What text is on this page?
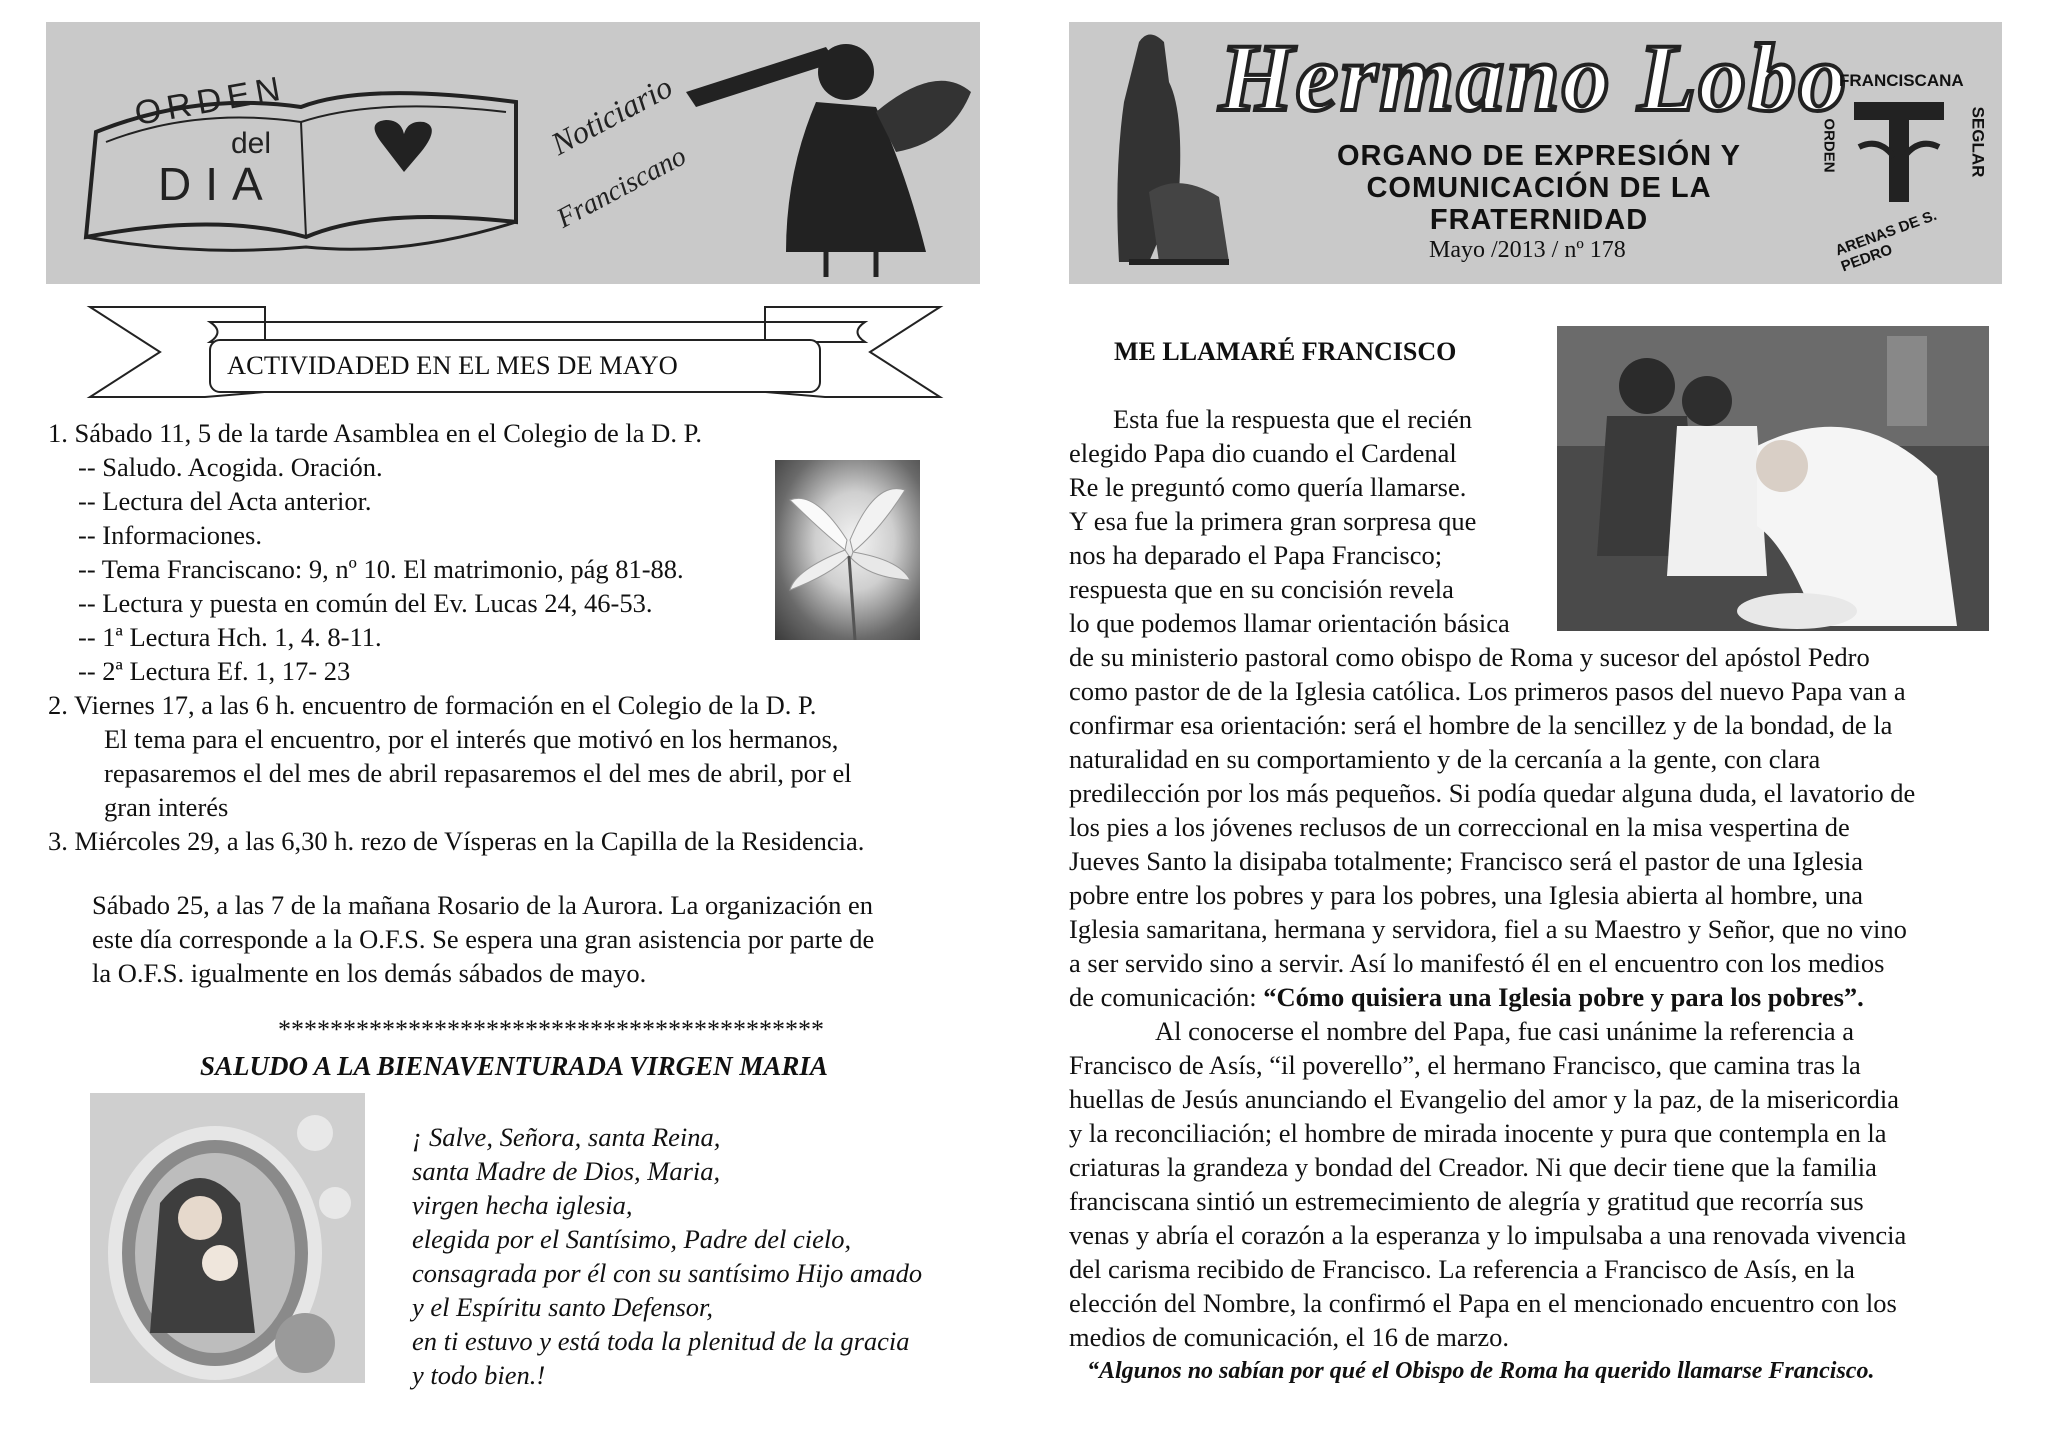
ORDEN
del
DIA
Noticiario
Franciscano
Hermano Lobo
ORGANO DE EXPRESIÓN Y
COMUNICACIÓN DE LA
FRATERNIDAD
Mayo /2013 / nº 178
FRANCISCANA
ORDEN	SEGLAR
ARENAS DE S. PEDRO
ACTIVIDADED EN EL MES DE MAYO
1. Sábado 11, 5 de la tarde Asamblea en el Colegio de la D. P.
-- Saludo. Acogida. Oración.
-- Lectura del Acta anterior.
-- Informaciones.
-- Tema Franciscano: 9, nº 10. El matrimonio, pág 81-88.
-- Lectura y puesta en común del Ev. Lucas 24, 46-53.
-- 1ª Lectura Hch. 1, 4. 8-11.
-- 2ª Lectura Ef. 1, 17- 23
2. Viernes 17, a las 6 h. encuentro de formación en el Colegio de la D. P.
El tema para el encuentro, por el interés que motivó en los hermanos,
repasaremos el del mes de abril repasaremos el del mes de abril, por el
gran interés
3. Miércoles 29, a las 6,30 h. rezo de Vísperas en la Capilla de la Residencia.
Sábado 25, a las 7 de la mañana Rosario de la Aurora. La organización en
este día corresponde a la O.F.S. Se espera una gran asistencia por parte de
la O.F.S. igualmente en los demás sábados de mayo.
******************************************
SALUDO A LA BIENAVENTURADA VIRGEN MARIA
¡ Salve, Señora, santa Reina,
santa Madre de Dios, Maria,
virgen hecha iglesia,
elegida por el Santísimo, Padre del cielo,
consagrada por él con su santísimo Hijo amado
y el Espíritu santo Defensor,
en ti estuvo y está toda la plenitud de la gracia
y todo bien.!
ME LLAMARÉ FRANCISCO
Esta fue la respuesta que el recién
elegido Papa dio cuando el Cardenal
Re le preguntó como quería llamarse.
Y esa fue la primera gran sorpresa que
nos ha deparado el Papa Francisco;
respuesta que en su concisión revela
lo que podemos llamar orientación básica
de su ministerio pastoral como obispo de Roma y sucesor del apóstol Pedro
como pastor de de la Iglesia católica. Los primeros pasos del nuevo Papa van a
confirmar esa orientación: será el hombre de la sencillez y de la bondad, de la
naturalidad en su comportamiento y de la cercanía a la gente, con clara
predilección por los más pequeños. Si podía quedar alguna duda, el lavatorio de
los pies a los jóvenes reclusos de un correccional en la misa vespertina de
Jueves Santo la disipaba totalmente; Francisco será el pastor de una Iglesia
pobre entre los pobres y para los pobres, una Iglesia abierta al hombre, una
Iglesia samaritana, hermana y servidora, fiel a su Maestro y Señor, que no vino
a ser servido sino a servir. Así lo manifestó él en el encuentro con los medios
de comunicación: “Cómo quisiera una Iglesia pobre y para los pobres”.
Al conocerse el nombre del Papa, fue casi unánime la referencia a
Francisco de Asís, “il poverello”, el hermano Francisco, que camina tras la
huellas de Jesús anunciando el Evangelio del amor y la paz, de la misericordia
y la reconciliación; el hombre de mirada inocente y pura que contempla en la
criaturas la grandeza y bondad del Creador. Ni que decir tiene que la familia
franciscana sintió un estremecimiento de alegría y gratitud que recorría sus
venas y abría el corazón a la esperanza y lo impulsaba a una renovada vivencia
del carisma recibido de Francisco. La referencia a Francisco de Asís, en la
elección del Nombre, la confirmó el Papa en el mencionado encuentro con los
medios de comunicación, el 16 de marzo.
“Algunos no sabían por qué el Obispo de Roma ha querido llamarse Francisco.
